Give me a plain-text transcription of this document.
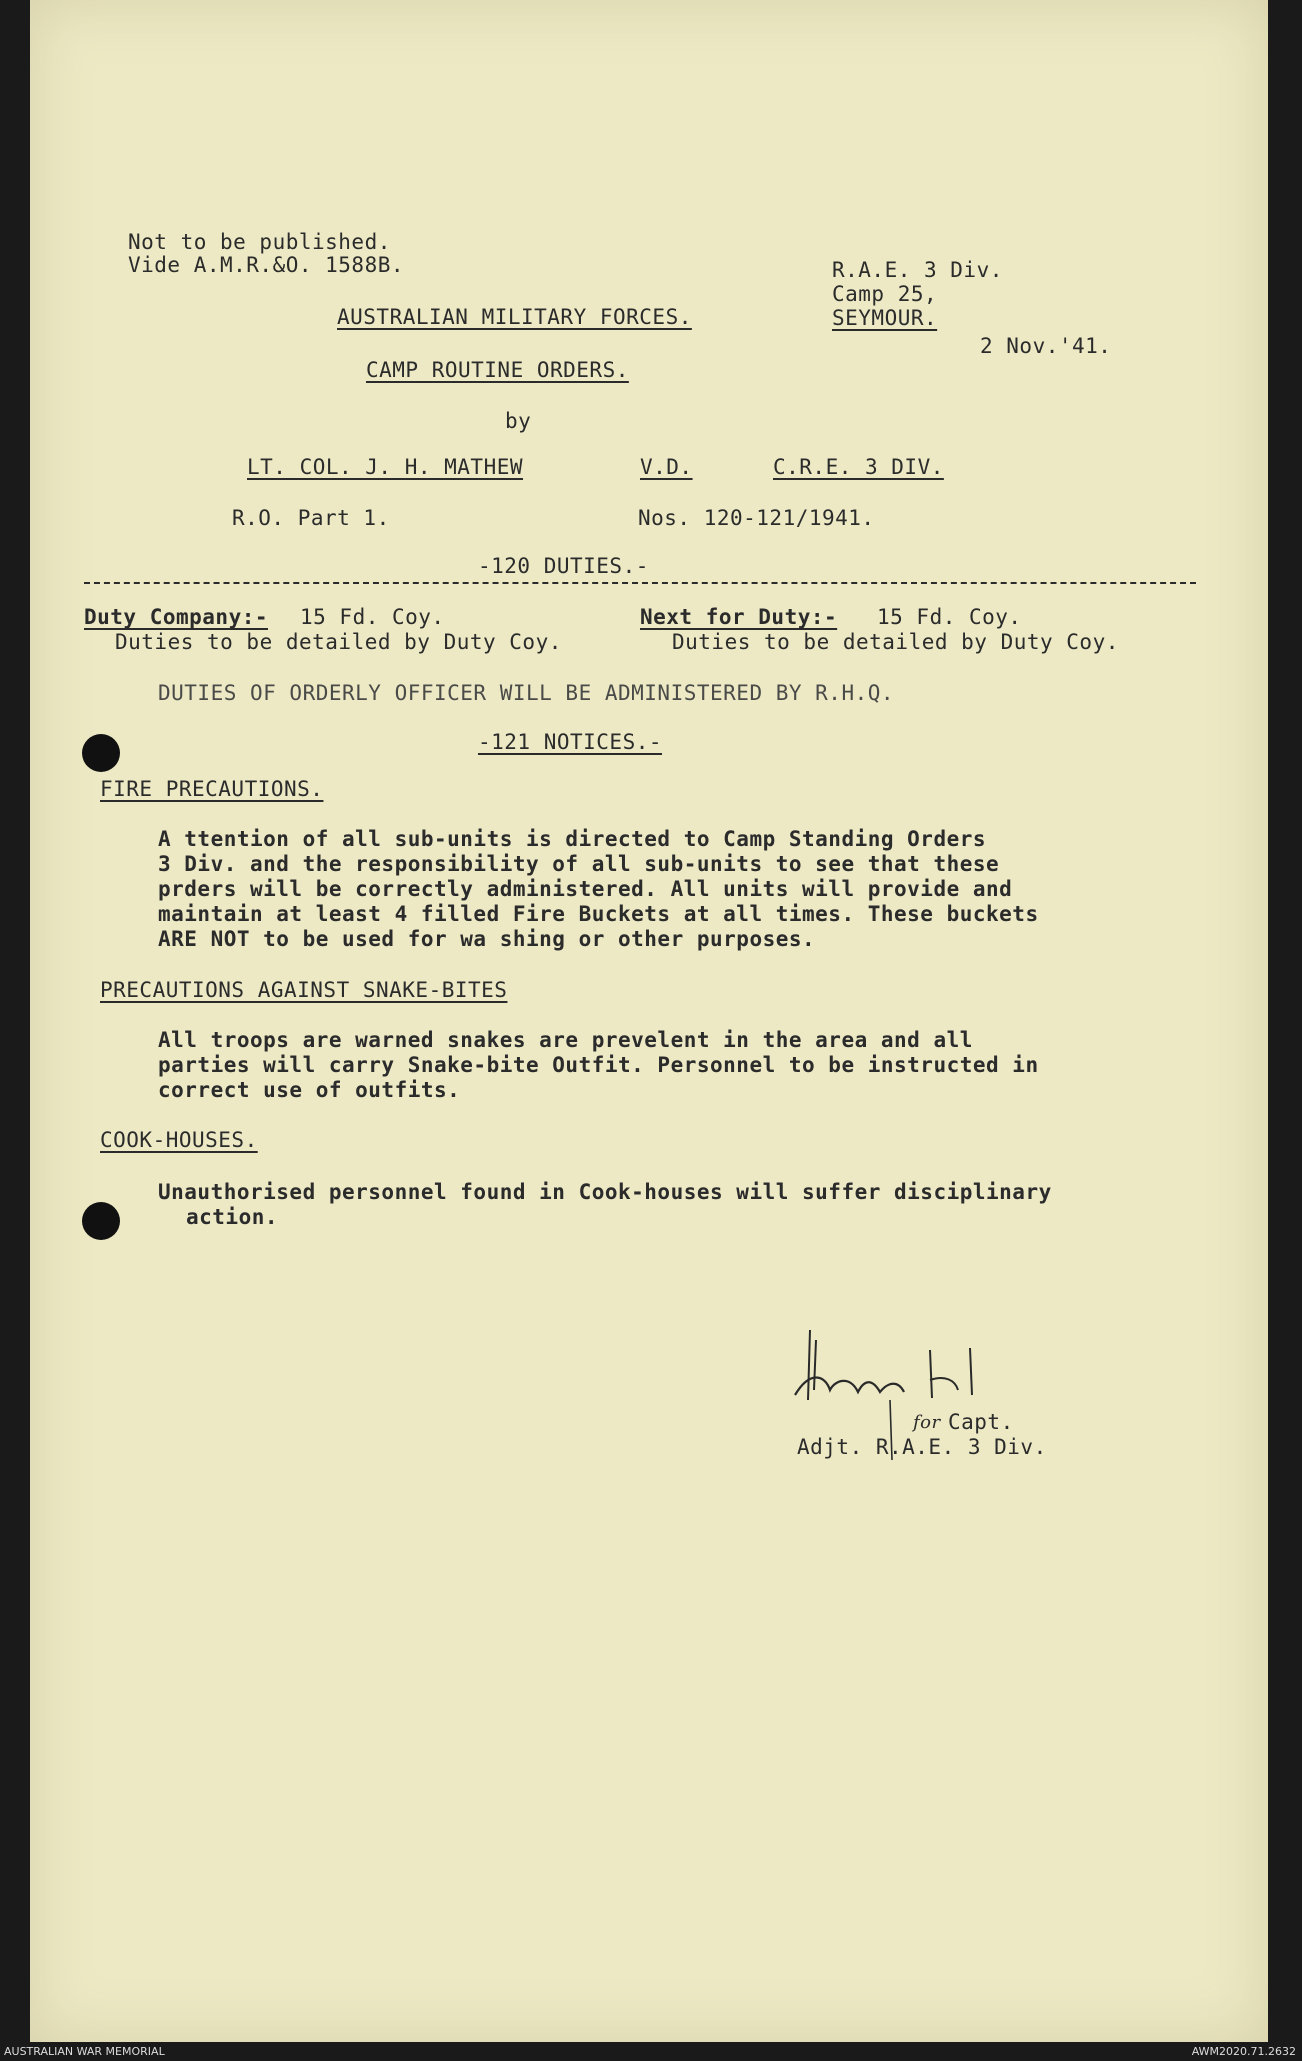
Not to be published.
Vide A.M.R.&O. 1588B.	R.A.E. 3 Div.
Camp 25,
SEYMOUR.
2 Nov.'41.
AUSTRALIAN MILITARY FORCES.
CAMP ROUTINE ORDERS.
by
LT. COL. J. H. MATHEW	V.D.	C.R.E. 3 DIV.
R.O. Part 1.	Nos. 120-121/1941.
-120 DUTIES.-
Duty Company:- 15 Fd. Coy.
Duties to be detailed by Duty Coy.
Next for Duty:- 15 Fd. Coy.
Duties to be detailed by Duty Coy.
DUTIES OF ORDERLY OFFICER WILL BE ADMINISTERED BY R.H.Q.
-121 NOTICES.-
FIRE PRECAUTIONS.
A ttention of all sub-units is directed to Camp Standing Orders
3 Div. and the responsibility of all sub-units to see that these
prders will be correctly administered. All units will provide and
maintain at least 4 filled Fire Buckets at all times. These buckets
ARE NOT to be used for wa shing or other purposes.
PRECAUTIONS AGAINST SNAKE-BITES
All troops are warned snakes are prevelent in the area and all
parties will carry Snake-bite Outfit. Personnel to be instructed in
correct use of outfits.
COOK-HOUSES.
Unauthorised personnel found in Cook-houses will suffer disciplinary
action.
for Capt.
Adjt. R.A.E. 3 Div.
AUSTRALIAN WAR MEMORIAL	AWM2020.71.2632
